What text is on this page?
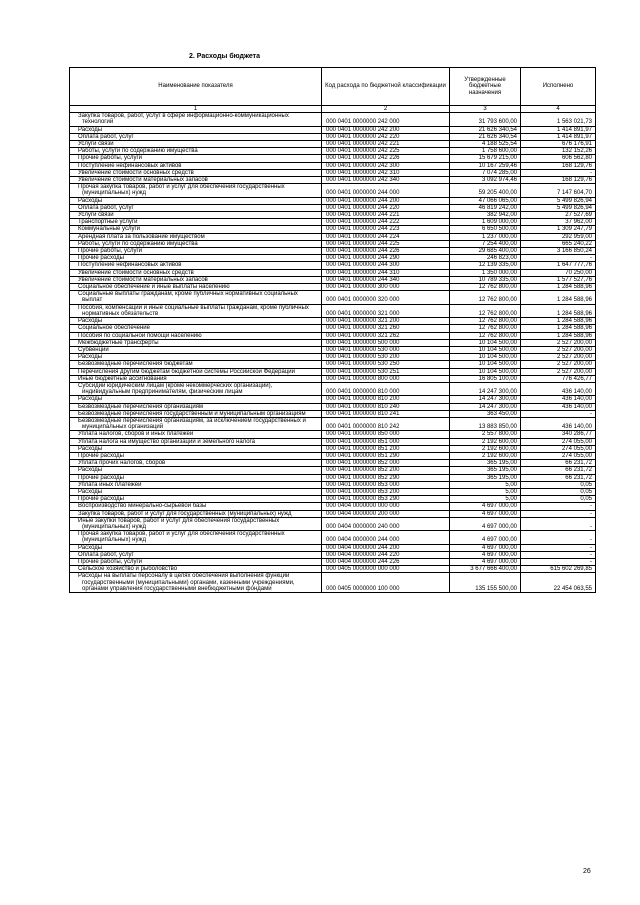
2. Расходы бюджета
Наименование показателя	Код расхода по бюджетной классификации	Утвержденные бюджетные назначения	Исполнено
1	2	3	4
Закупка товаров, работ, услуг в сфере информационно-коммуникационных технологий	000 0401 0000000 242 000	31 793 600,00	1 563 021,73
Расходы	000 0401 0000000 242 200	21 626 340,54	1 414 891,97
Оплата работ, услуг	000 0401 0000000 242 220	21 626 340,54	1 414 891,97
Услуги связи	000 0401 0000000 242 221	4 188 525,54	676 176,91
Работы, услуги по содержанию имущества	000 0401 0000000 242 225	1 758 600,00	132 152,26
Прочие работы, услуги	000 0401 0000000 242 226	15 679 215,00	606 562,80
Поступление нефинансовых активов	000 0401 0000000 242 300	10 167 259,46	168 129,76
Увеличение стоимости основных средств	000 0401 0000000 242 310	7 074 285,00	-
Увеличение стоимости материальных запасов	000 0401 0000000 242 340	3 092 974,46	168 129,76
Прочая закупка товаров, работ и услуг для обеспечения государственных (муниципальных) нужд	000 0401 0000000 244 000	59 205 400,00	7 147 604,70
Расходы	000 0401 0000000 244 200	47 066 065,00	5 499 826,94
Оплата работ, услуг	000 0401 0000000 244 220	46 819 242,00	5 499 826,94
Услуги связи	000 0401 0000000 244 221	382 942,00	27 527,69
Транспортные услуги	000 0401 0000000 244 222	1 609 000,00	37 962,00
Коммунальные услуги	000 0401 0000000 244 223	6 650 500,00	1 309 247,79
Арендная плата за пользование имуществом	000 0401 0000000 244 224	1 237 000,00	292 959,00
Работы, услуги по содержанию имущества	000 0401 0000000 244 225	7 254 400,00	665 240,22
Прочие работы, услуги	000 0401 0000000 244 226	29 685 400,00	3 166 850,24
Прочие расходы	000 0401 0000000 244 290	246 823,00	-
Поступление нефинансовых активов	000 0401 0000000 244 300	12 139 335,00	1 647 777,76
Увеличение стоимости основных средств	000 0401 0000000 244 310	1 350 000,00	70 250,00
Увеличение стоимости материальных запасов	000 0401 0000000 244 340	10 789 335,00	1 577 527,76
Социальное обеспечение и иные выплаты населению	000 0401 0000000 300 000	12 762 800,00	1 284 588,96
Социальные выплаты гражданам, кроме публичных нормативных социальных выплат	000 0401 0000000 320 000	12 762 800,00	1 284 588,96
Пособия, компенсации и иные социальные выплаты гражданам, кроме публичных нормативных обязательств	000 0401 0000000 321 000	12 762 800,00	1 284 588,96
Расходы	000 0401 0000000 321 200	12 762 800,00	1 284 588,96
Социальное обеспечение	000 0401 0000000 321 260	12 762 800,00	1 284 588,96
Пособия по социальной помощи населению	000 0401 0000000 321 262	12 762 800,00	1 284 588,96
Межбюджетные трансферты	000 0401 0000000 500 000	10 104 500,00	2 527 200,00
Субвенции	000 0401 0000000 530 000	10 104 500,00	2 527 200,00
Расходы	000 0401 0000000 530 200	10 104 500,00	2 527 200,00
Безвозмездные перечисления бюджетам	000 0401 0000000 530 250	10 104 500,00	2 527 200,00
Перечисления другим бюджетам бюджетной системы Российской Федерации	000 0401 0000000 530 251	10 104 500,00	2 527 200,00
Иные бюджетные ассигнования	000 0401 0000000 800 000	16 805 100,00	776 426,77
Субсидии юридическим лицам (кроме некоммерческих организаций), индивидуальным предпринимателям, физическим лицам	000 0401 0000000 810 000	14 247 300,00	436 140,00
Расходы	000 0401 0000000 810 200	14 247 300,00	436 140,00
Безвозмездные перечисления организациям	000 0401 0000000 810 240	14 247 300,00	436 140,00
Безвозмездные перечисления государственным и муниципальным организациям	000 0401 0000000 810 241	363 450,00	-
Безвозмездные перечисления организациям, за исключением государственных и муниципальных организаций	000 0401 0000000 810 242	13 883 850,00	436 140,00
Уплата налогов, сборов и иных платежей	000 0401 0000000 850 000	2 557 800,00	340 286,77
Уплата налога на имущество организаций и земельного налога	000 0401 0000000 851 000	2 192 600,00	274 055,00
Расходы	000 0401 0000000 851 200	2 192 600,00	274 055,00
Прочие расходы	000 0401 0000000 851 290	2 192 600,00	274 055,00
Уплата прочих налогов, сборов	000 0401 0000000 852 000	365 195,00	66 231,72
Расходы	000 0401 0000000 852 200	365 195,00	66 231,72
Прочие расходы	000 0401 0000000 852 290	365 195,00	66 231,72
Уплата иных платежей	000 0401 0000000 853 000	5,00	0,05
Расходы	000 0401 0000000 853 200	5,00	0,05
Прочие расходы	000 0401 0000000 853 290	5,00	0,05
Воспроизводство минерально-сырьевой базы	000 0404 0000000 000 000	4 697 000,00	-
Закупка товаров, работ и услуг для государственных (муниципальных) нужд	000 0404 0000000 200 000	4 697 000,00	-
Иные закупки товаров, работ и услуг для обеспечения государственных (муниципальных) нужд	000 0404 0000000 240 000	4 697 000,00	-
Прочая закупка товаров, работ и услуг для обеспечения государственных (муниципальных) нужд	000 0404 0000000 244 000	4 697 000,00	-
Расходы	000 0404 0000000 244 200	4 697 000,00	-
Оплата работ, услуг	000 0404 0000000 244 220	4 697 000,00	-
Прочие работы, услуги	000 0404 0000000 244 226	4 697 000,00	-
Сельское хозяйство и рыболовство	000 0405 0000000 000 000	3 677 666 400,00	615 602 269,85
Расходы на выплаты персоналу в целях обеспечения выполнения функций государственными (муниципальными) органами, казенными учреждениями, органами управления государственными внебюджетными фондами	000 0405 0000000 100 000	135 155 500,00	22 454 063,55
26
